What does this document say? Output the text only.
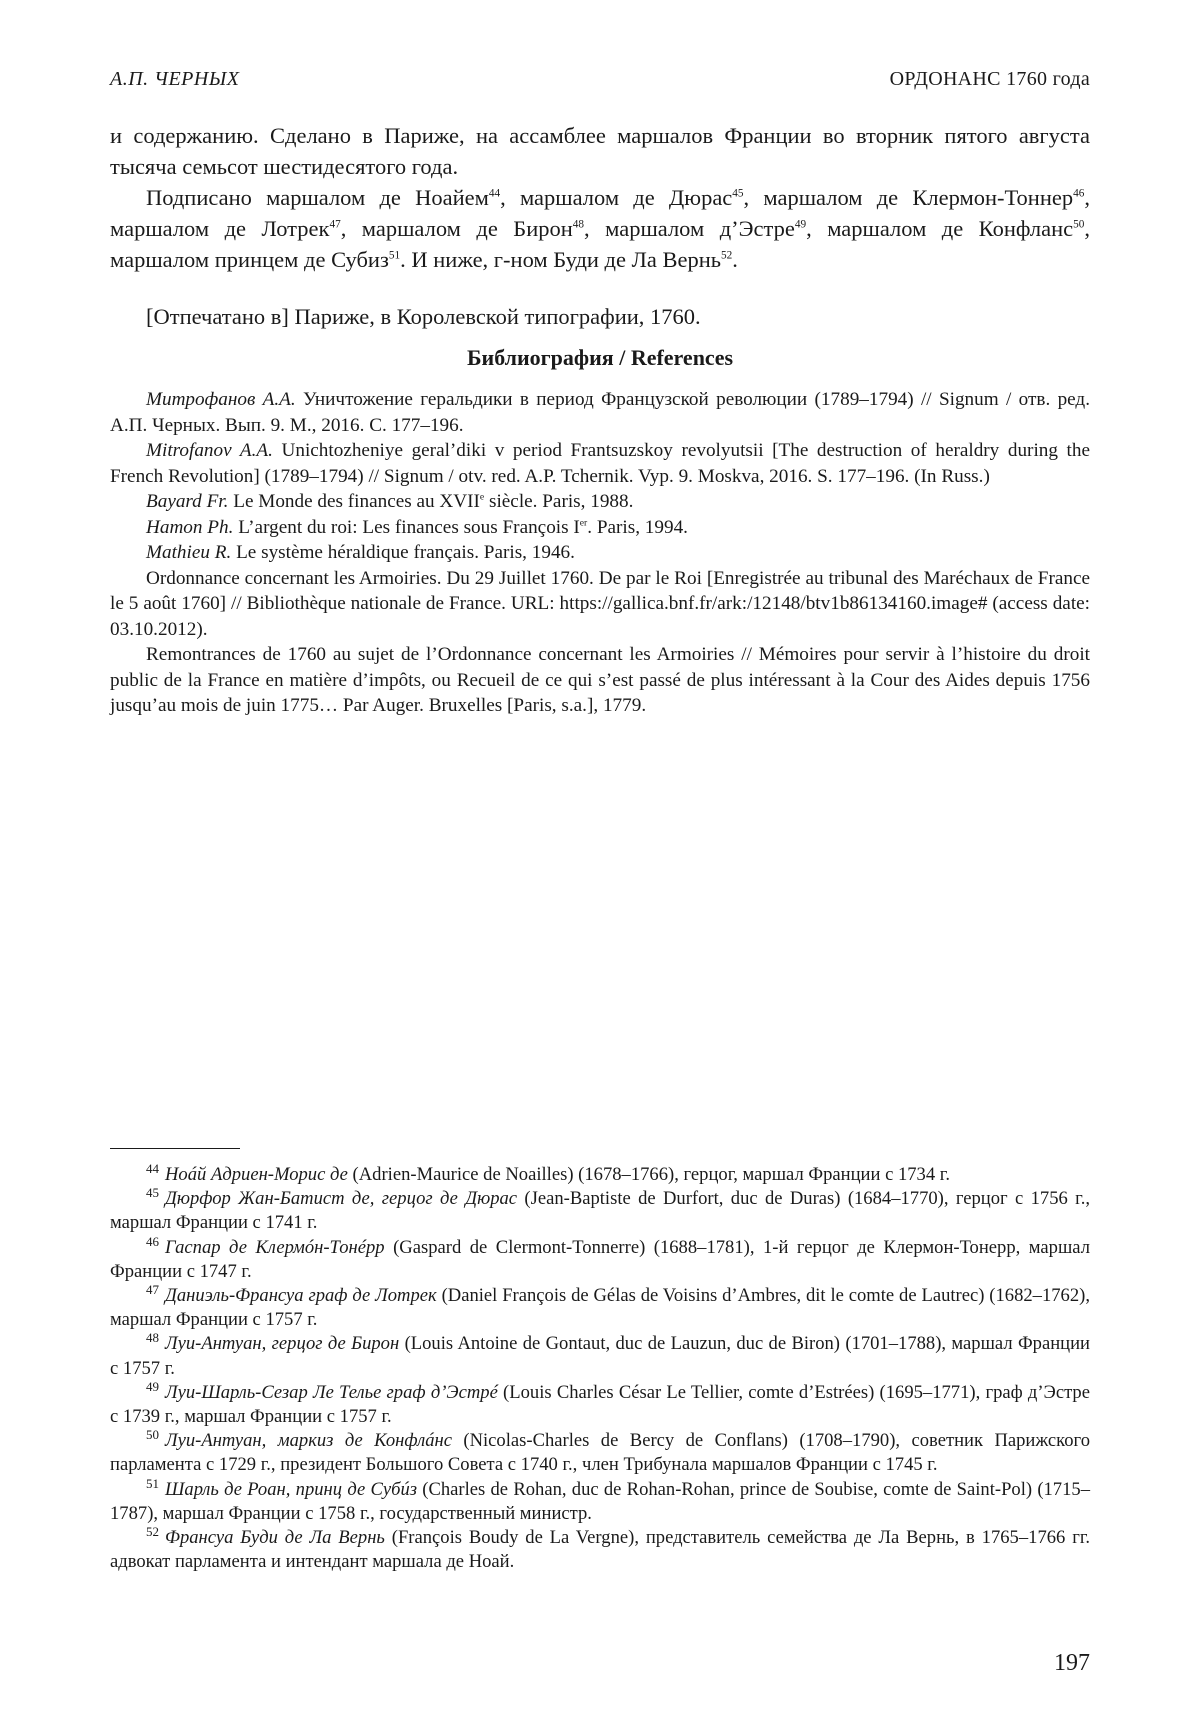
А.П. ЧЕРНЫХ	ОРДОНАНС 1760 года

и содержанию. Сделано в Париже, на ассамблее маршалов Франции во вторник пятого августа тысяча семьсот шестидесятого года.

Подписано маршалом де Ноайем44, маршалом де Дюрас45, маршалом де Клермон-Тоннер46, маршалом де Лотрек47, маршалом де Бирон48, маршалом д’Эстре49, маршалом де Конфланс50, маршалом принцем де Субиз51. И ниже, г-ном Буди де Ла Вернь52.

[Отпечатано в] Париже, в Королевской типографии, 1760.

Библиография / References

Митрофанов А.А. Уничтожение геральдики в период Французской революции (1789–1794) // Signum / отв. ред. А.П. Черных. Вып. 9. М., 2016. С. 177–196.

Mitrofanov A.A. Unichtozheniye geral’diki v period Frantsuzskoy revolyutsii [The destruction of heraldry during the French Revolution] (1789–1794) // Signum / otv. red. A.P. Tchernik. Vyp. 9. Moskva, 2016. S. 177–196. (In Russ.)

Bayard Fr. Le Monde des finances au XVIIe siècle. Paris, 1988.

Hamon Ph. L’argent du roi: Les finances sous François Ier. Paris, 1994.

Mathieu R. Le système héraldique français. Paris, 1946.

Ordonnance concernant les Armoiries. Du 29 Juillet 1760. De par le Roi [Enregistrée au tribunal des Maréchaux de France le 5 août 1760] // Bibliothèque nationale de France. URL: https://gallica.bnf.fr/ark:/12148/btv1b86134160.image# (access date: 03.10.2012).

Remontrances de 1760 au sujet de l’Ordonnance concernant les Armoiries // Mémoires pour servir à l’histoire du droit public de la France en matière d’impôts, ou Recueil de ce qui s’est passé de plus intéressant à la Cour des Aides depuis 1756 jusqu’au mois de juin 1775… Par Auger. Bruxelles [Paris, s.a.], 1779.

44 Ноáй Адриен-Морис де (Adrien-Maurice de Noailles) (1678–1766), герцог, маршал Франции с 1734 г.

45 Дюрфор Жан-Батист де, герцог де Дюрас (Jean-Baptiste de Durfort, duc de Duras) (1684–1770), герцог с 1756 г., маршал Франции с 1741 г.

46 Гаспар де Клермóн-Тонéрр (Gaspard de Clermont-Tonnerre) (1688–1781), 1-й герцог де Клермон-Тонерр, маршал Франции с 1747 г.

47 Даниэль-Франсуа граф де Лотрек (Daniel François de Gélas de Voisins d’Ambres, dit le comte de Lautrec) (1682–1762), маршал Франции с 1757 г.

48 Луи-Антуан, герцог де Бирон (Louis Antoine de Gontaut, duc de Lauzun, duc de Biron) (1701–1788), маршал Франции с 1757 г.

49 Луи-Шарль-Сезар Ле Телье граф д’Эстрé (Louis Charles César Le Tellier, comte d’Estrées) (1695–1771), граф д’Эстре с 1739 г., маршал Франции с 1757 г.

50 Луи-Антуан, маркиз де Конфлáнс (Nicolas-Charles de Bercy de Conflans) (1708–1790), советник Парижского парламента с 1729 г., президент Большого Совета с 1740 г., член Трибунала маршалов Франции с 1745 г.

51 Шарль де Роан, принц де Субúз (Charles de Rohan, duc de Rohan-Rohan, prince de Soubise, comte de Saint-Pol) (1715–1787), маршал Франции с 1758 г., государственный министр.

52 Франсуа Буди де Ла Вернь (François Boudy de La Vergne), представитель семейства де Ла Вернь, в 1765–1766 гг. адвокат парламента и интендант маршала де Ноай.

197
